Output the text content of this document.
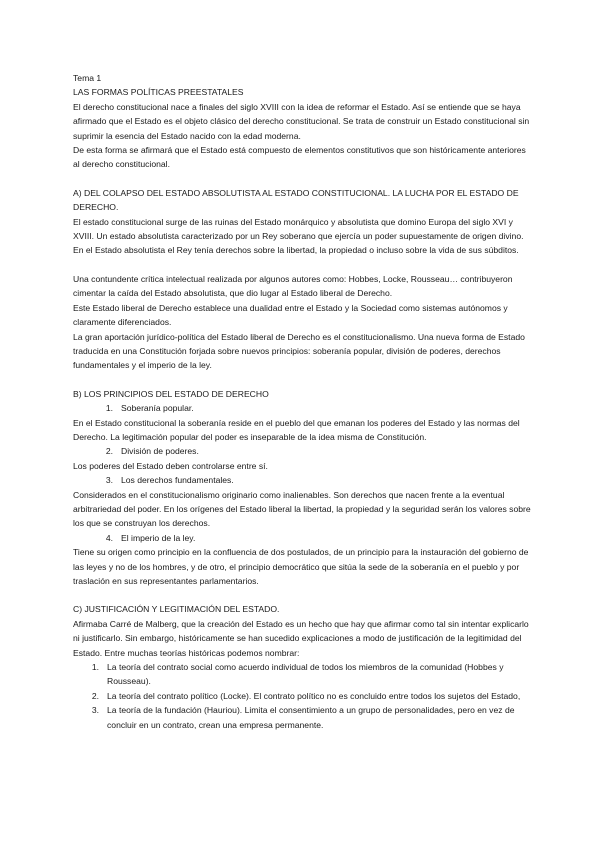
Tema 1

LAS FORMAS POLÍTICAS PREESTATALES

El derecho constitucional nace a finales del siglo XVIII con la idea de reformar el Estado. Así se entiende que se haya afirmado que el Estado es el objeto clásico del derecho constitucional. Se trata de construir un Estado constitucional sin suprimir la esencia del Estado nacido con la edad moderna.

De esta forma se afirmará que el Estado está compuesto de elementos constitutivos que son históricamente anteriores al derecho constitucional.

A) DEL COLAPSO DEL ESTADO ABSOLUTISTA AL ESTADO CONSTITUCIONAL. LA LUCHA POR EL ESTADO DE DERECHO.

El estado constitucional surge de las ruinas del Estado monárquico y absolutista que domino Europa del siglo XVI y XVIII. Un estado absolutista caracterizado por un Rey soberano que ejercía un poder supuestamente de origen divino.

En el Estado absolutista el Rey tenía derechos sobre la libertad, la propiedad o incluso sobre la vida de sus súbditos.

Una contundente crítica intelectual realizada por algunos autores como: Hobbes, Locke, Rousseau… contribuyeron cimentar la caída del Estado absolutista, que dio lugar al Estado liberal de Derecho.

Este Estado liberal de Derecho establece una dualidad entre el Estado y la Sociedad como sistemas autónomos y claramente diferenciados.

La gran aportación jurídico-política del Estado liberal de Derecho es el constitucionalismo. Una nueva forma de Estado traducida en una Constitución forjada sobre nuevos principios: soberanía popular, división de poderes, derechos fundamentales y el imperio de la ley.

B) LOS PRINCIPIOS DEL ESTADO DE DERECHO

1. Soberanía popular.

En el Estado constitucional la soberanía reside en el pueblo del que emanan los poderes del Estado y las normas del Derecho. La legitimación popular del poder es inseparable de la idea misma de Constitución.

2. División de poderes.

Los poderes del Estado deben controlarse entre sí.

3. Los derechos fundamentales.

Considerados en el constitucionalismo originario como inalienables. Son derechos que nacen frente a la eventual arbitrariedad del poder. En los orígenes del Estado liberal la libertad, la propiedad y la seguridad serán los valores sobre los que se construyan los derechos.

4. El imperio de la ley.

Tiene su origen como principio en la confluencia de dos postulados, de un principio para la instauración del gobierno de las leyes y no de los hombres, y de otro, el principio democrático que sitúa la sede de la soberanía en el pueblo y por traslación en sus representantes parlamentarios.

C) JUSTIFICACIÓN Y LEGITIMACIÓN DEL ESTADO.

Afirmaba Carré de Malberg, que la creación del Estado es un hecho que hay que afirmar como tal sin intentar explicarlo ni justificarlo. Sin embargo, históricamente se han sucedido explicaciones a modo de justificación de la legitimidad del Estado. Entre muchas teorías históricas podemos nombrar:

1. La teoría del contrato social como acuerdo individual de todos los miembros de la comunidad (Hobbes y Rousseau).
2. La teoría del contrato político (Locke). El contrato político no es concluido entre todos los sujetos del Estado,
3. La teoría de la fundación (Hauriou). Limita el consentimiento a un grupo de personalidades, pero en vez de concluir en un contrato, crean una empresa permanente.
